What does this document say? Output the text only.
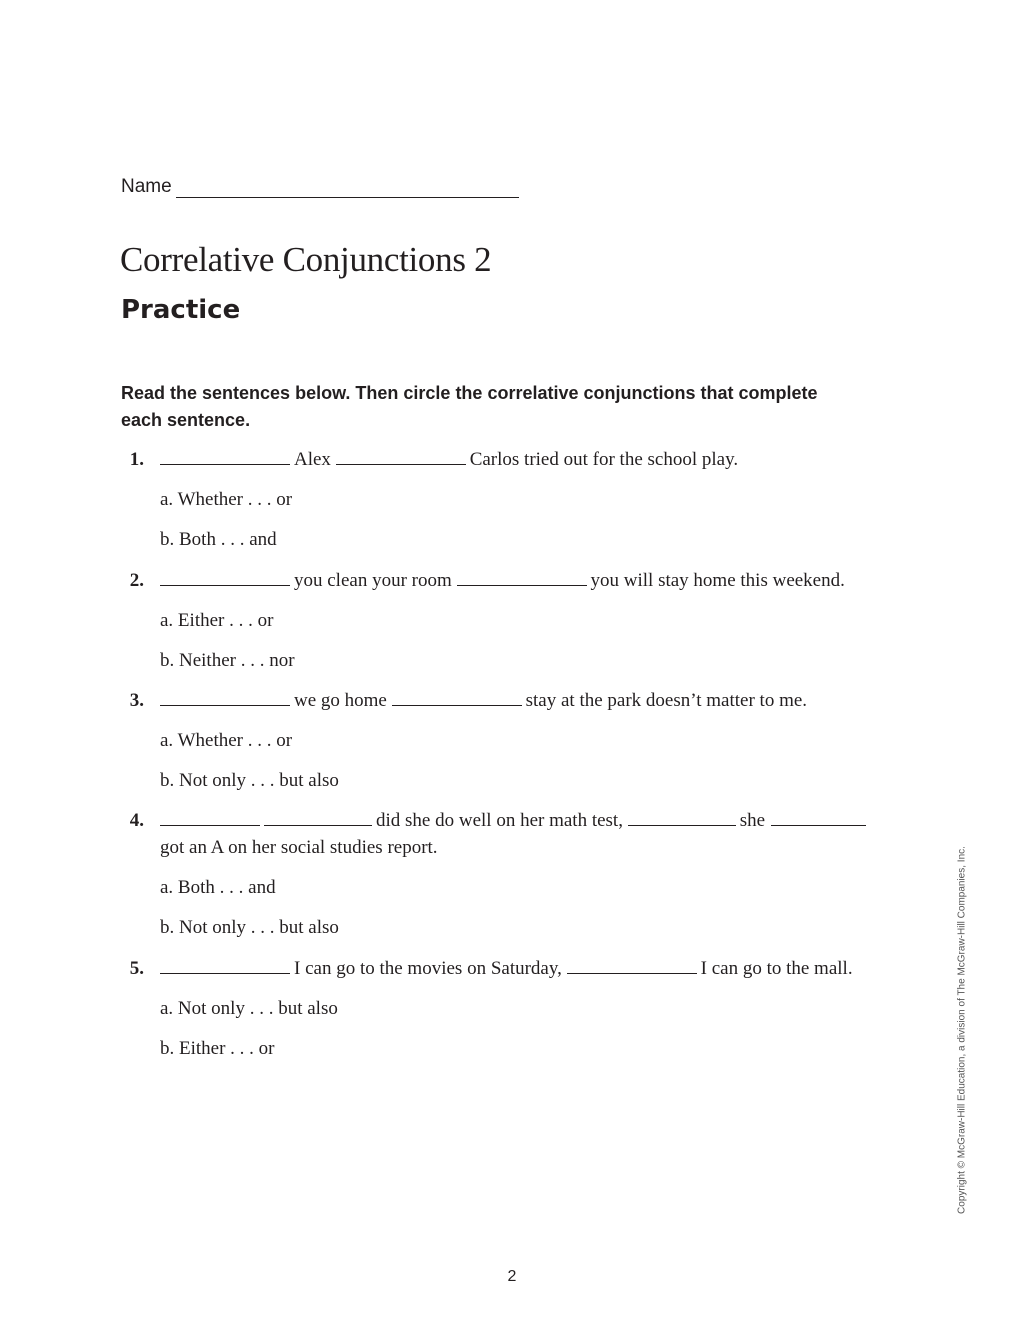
Name
Correlative Conjunctions 2
Practice

Read the sentences below. Then circle the correlative conjunctions that complete each sentence.

1.	Alex	Carlos tried out for the school play.
a. Whether . . . or
b. Both . . . and
2.	you clean your room	you will stay home this weekend.
a. Either . . . or
b. Neither . . . nor
3.	we go home	stay at the park doesn’t matter to me.
a. Whether . . . or
b. Not only . . . but also
4.	did she do well on her math test,	she
got an A on her social studies report.
a. Both . . . and
b. Not only . . . but also
5.	I can go to the movies on Saturday,	I can go to the mall.
a. Not only . . . but also
b. Either . . . or	Copyright © McGraw-Hill Education, a division of The McGraw-Hill Companies, Inc.
2
